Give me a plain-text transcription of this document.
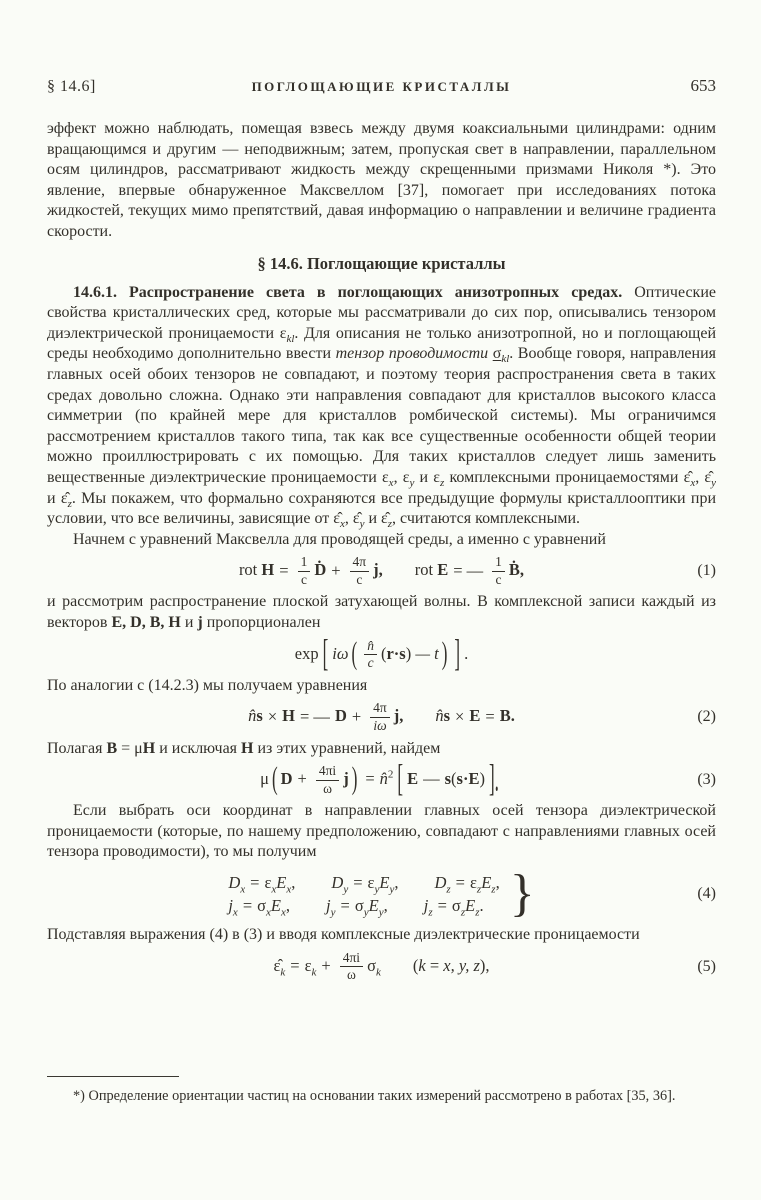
§ 14.6]	ПОГЛОЩАЮЩИЕ КРИСТАЛЛЫ	653

эффект можно наблюдать, помещая взвесь между двумя коаксиальными цилиндрами: одним вращающимся и другим — неподвижным; затем, пропуская свет в направлении, параллельном осям цилиндров, рассматривают жидкость между скрещенными призмами Николя *). Это явление, впервые обнаруженное Максвеллом [37], помогает при исследованиях потока жидкостей, текущих мимо препятствий, давая информацию о направлении и величине градиента скорости.

§ 14.6. Поглощающие кристаллы

14.6.1. Распространение света в поглощающих анизотропных средах. Оптические свойства кристаллических сред, которые мы рассматривали до сих пор, описывались тензором диэлектрической проницаемости $\varepsilon_{kl}$. Для описания не только анизотропной, но и поглощающей среды необходимо дополнительно ввести тензор проводимости $\sigma_{kl}$. Вообще говоря, направления главных осей обоих тензоров не совпадают, и поэтому теория распространения света в таких средах довольно сложна. Однако эти направления совпадают для кристаллов высокого класса симметрии (по крайней мере для кристаллов ромбической системы). Мы ограничимся рассмотрением кристаллов такого типа, так как все существенные особенности общей теории можно проиллюстрировать с их помощью. Для таких кристаллов следует лишь заменить вещественные диэлектрические проницаемости $\varepsilon_x$, $\varepsilon_y$ и $\varepsilon_z$ комплексными проницаемостями $\varepsilon̂_x$, $\varepsilon̂_y$ и $\varepsilon̂_z$. Мы покажем, что формально сохраняются все предыдущие формулы кристаллооптики при условии, что все величины, зависящие от $\varepsilon̂_x$, $\varepsilon̂_y$ и $\varepsilon̂_z$, считаются комплексными.

Начнем с уравнений Максвелла для проводящей среды, а именно с уравнений

rot $H = \frac{1}{c}$ Ḋ + $\frac{4\pi}{c} j$, rot E = — $\frac{1}{c}$ Ḃ,	(1)

и рассмотрим распространение плоской затухающей волны. В комплексной записи каждый из векторов E, D, B, H и j пропорционален

exp [ iω ( $\frac{n̂}{c} (r\cdot s)$ — t ) ] .

По аналогии с (14.2.3) мы получаем уравнения

n̂s × H = — $D + \frac{4\pi}{i\omega} j$, n̂s × E = B.	(2)

Полагая B = μH и исключая H из этих уравнений, найдем

μ ( $D + \frac{4\pi i}{\omega}$ j ) = n̂$^2$ [ E — s(s·E) ].	(3)

Если выбрать оси координат в направлении главных осей тензора диэлектрической проницаемости (которые, по нашему предположению, совпадают с направлениями главных осей тензора проводимости), то мы получим

$D_x = \varepsilon_xE_x$, $D_y = \varepsilon_yE_y$, $D_z = \varepsilon_zE_z$,
$j_x = \sigma_xE_x$, $j_y = \sigma_yE_y$, $j_z = \sigma_zE_z$. }	(4)

Подставляя выражения (4) в (3) и вводя комплексные диэлектрические проницаемости

$\varepsilon̂_k = \varepsilon_k + \frac{4\pi i}{\omega} \sigma_k$ (k = x, y, z),	(5)

*) Определение ориентации частиц на основании таких измерений рассмотрено в работах [35, 36].
